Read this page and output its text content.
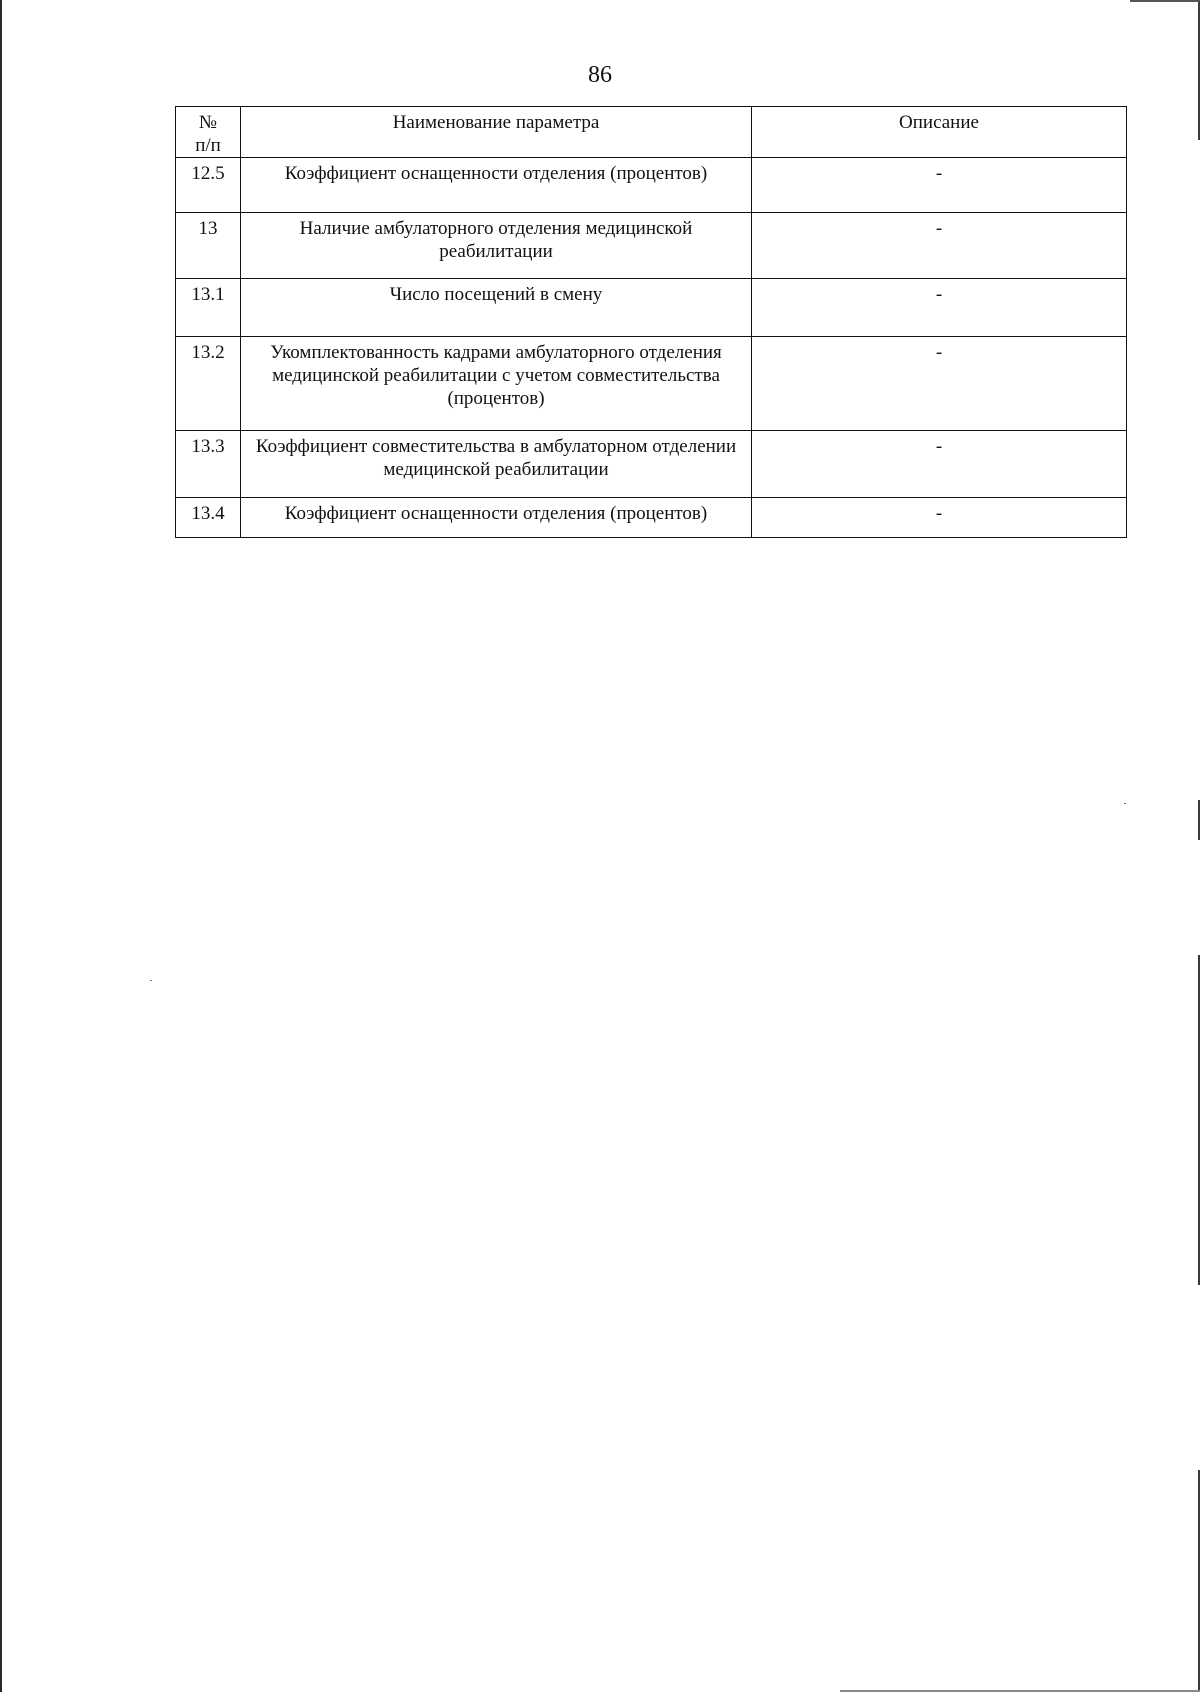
86
№
п/п	Наименование параметра	Описание
12.5	Коэффициент оснащенности отделения (процентов)	-
13	Наличие амбулаторного отделения медицинской реабилитации	-
13.1	Число посещений в смену	-
13.2	Укомплектованность кадрами амбулаторного отделения медицинской реабилитации с учетом совместительства (процентов)	-
13.3	Коэффициент совместительства в амбулаторном отделении медицинской реабилитации	-
13.4	Коэффициент оснащенности отделения (процентов)	-
